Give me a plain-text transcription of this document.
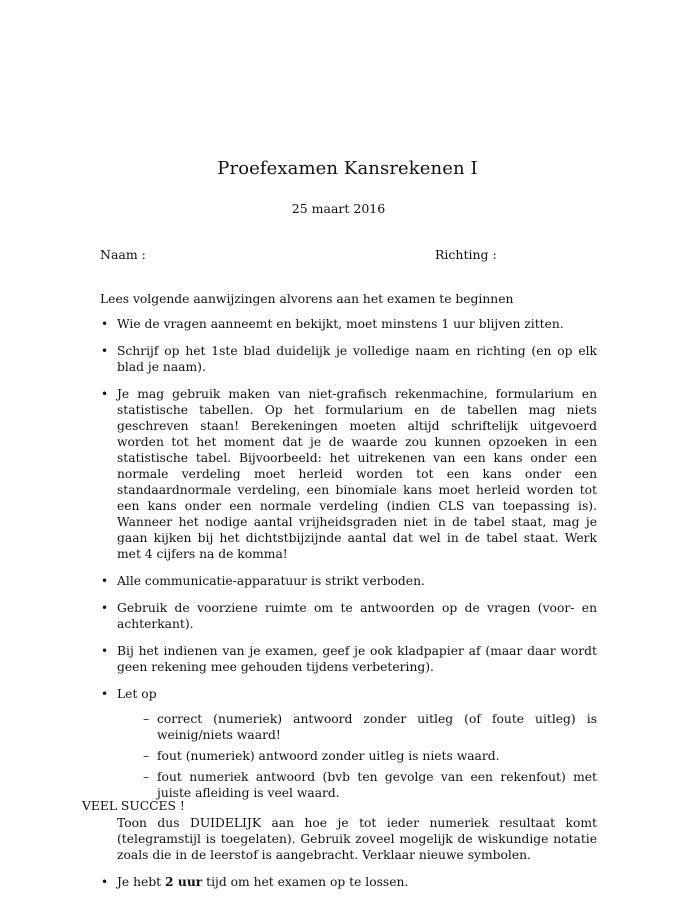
Proefexamen Kansrekenen I
25 maart 2016
Naam :	Richting :
Lees volgende aanwijzingen alvorens aan het examen te beginnen
• Wie de vragen aanneemt en bekijkt, moet minstens 1 uur blijven zitten.
• Schrijf op het 1ste blad duidelijk je volledige naam en richting (en op elk blad je naam).
• Je mag gebruik maken van niet-grafisch rekenmachine, formularium en statistische tabellen. Op het formularium en de tabellen mag niets geschreven staan! Berekeningen moeten altijd schriftelijk uitgevoerd worden tot het moment dat je de waarde zou kunnen opzoeken in een statistische tabel. Bijvoorbeeld: het uitrekenen van een kans onder een normale verdeling moet herleid worden tot een kans onder een standaardnormale verdeling, een binomiale kans moet herleid worden tot een kans onder een normale verdeling (indien CLS van toepassing is). Wanneer het nodige aantal vrijheidsgraden niet in de tabel staat, mag je gaan kijken bij het dichtstbijzijnde aantal dat wel in de tabel staat. Werk met 4 cijfers na de komma!
• Alle communicatie-apparatuur is strikt verboden.
• Gebruik de voorziene ruimte om te antwoorden op de vragen (voor- en achterkant).
• Bij het indienen van je examen, geef je ook kladpapier af (maar daar wordt geen rekening mee gehouden tijdens verbetering).
• Let op
– correct (numeriek) antwoord zonder uitleg (of foute uitleg) is weinig/niets waard!
– fout (numeriek) antwoord zonder uitleg is niets waard.
– fout numeriek antwoord (bvb ten gevolge van een rekenfout) met juiste afleiding is veel waard.
Toon dus DUIDELIJK aan hoe je tot ieder numeriek resultaat komt (telegramstijl is toegelaten). Gebruik zoveel mogelijk de wiskundige notatie zoals die in de leerstof is aangebracht. Verklaar nieuwe symbolen.
• Je hebt 2 uur tijd om het examen op te lossen.
VEEL SUCCES !
